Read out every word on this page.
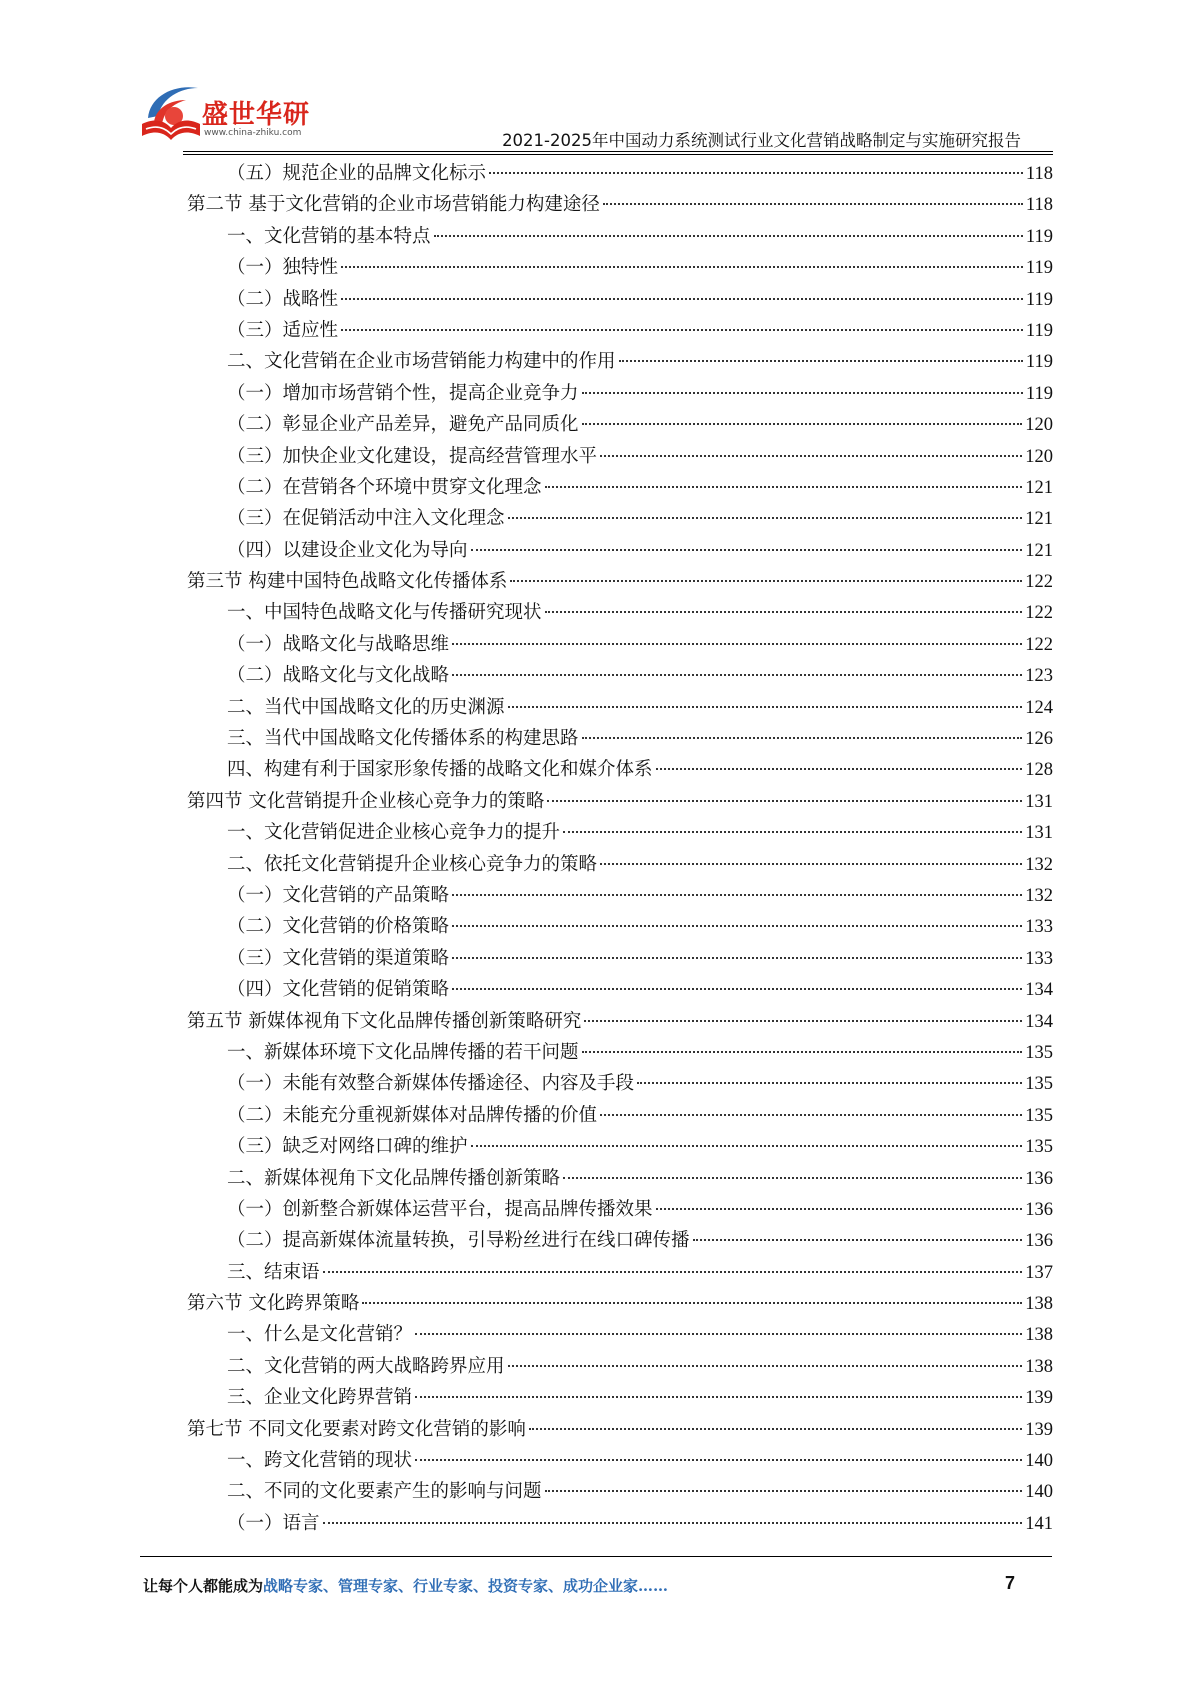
盛世华研
www.china-zhiku.com	2021-2025年中国动力系统测试行业文化营销战略制定与实施研究报告
（五）规范企业的品牌文化标示	118
第二节 基于文化营销的企业市场营销能力构建途径	118
一、文化营销的基本特点	119
（一）独特性	119
（二）战略性	119
（三）适应性	119
二、文化营销在企业市场营销能力构建中的作用	119
（一）增加市场营销个性，提高企业竞争力	119
（二）彰显企业产品差异，避免产品同质化	120
（三）加快企业文化建设，提高经营管理水平	120
（二）在营销各个环境中贯穿文化理念	121
（三）在促销活动中注入文化理念	121
（四）以建设企业文化为导向	121
第三节 构建中国特色战略文化传播体系	122
一、中国特色战略文化与传播研究现状	122
（一）战略文化与战略思维	122
（二）战略文化与文化战略	123
二、当代中国战略文化的历史渊源	124
三、当代中国战略文化传播体系的构建思路	126
四、构建有利于国家形象传播的战略文化和媒介体系	128
第四节 文化营销提升企业核心竞争力的策略	131
一、文化营销促进企业核心竞争力的提升	131
二、依托文化营销提升企业核心竞争力的策略	132
（一）文化营销的产品策略	132
（二）文化营销的价格策略	133
（三）文化营销的渠道策略	133
（四）文化营销的促销策略	134
第五节 新媒体视角下文化品牌传播创新策略研究	134
一、新媒体环境下文化品牌传播的若干问题	135
（一）未能有效整合新媒体传播途径、内容及手段	135
（二）未能充分重视新媒体对品牌传播的价值	135
（三）缺乏对网络口碑的维护	135
二、新媒体视角下文化品牌传播创新策略	136
（一）创新整合新媒体运营平台，提高品牌传播效果	136
（二）提高新媒体流量转换，引导粉丝进行在线口碑传播	136
三、结束语	137
第六节 文化跨界策略	138
一、什么是文化营销？	138
二、文化营销的两大战略跨界应用	138
三、企业文化跨界营销	139
第七节 不同文化要素对跨文化营销的影响	139
一、跨文化营销的现状	140
二、不同的文化要素产生的影响与问题	140
（一）语言	141
让每个人都能成为战略专家、管理专家、行业专家、投资专家、成功企业家……	7
